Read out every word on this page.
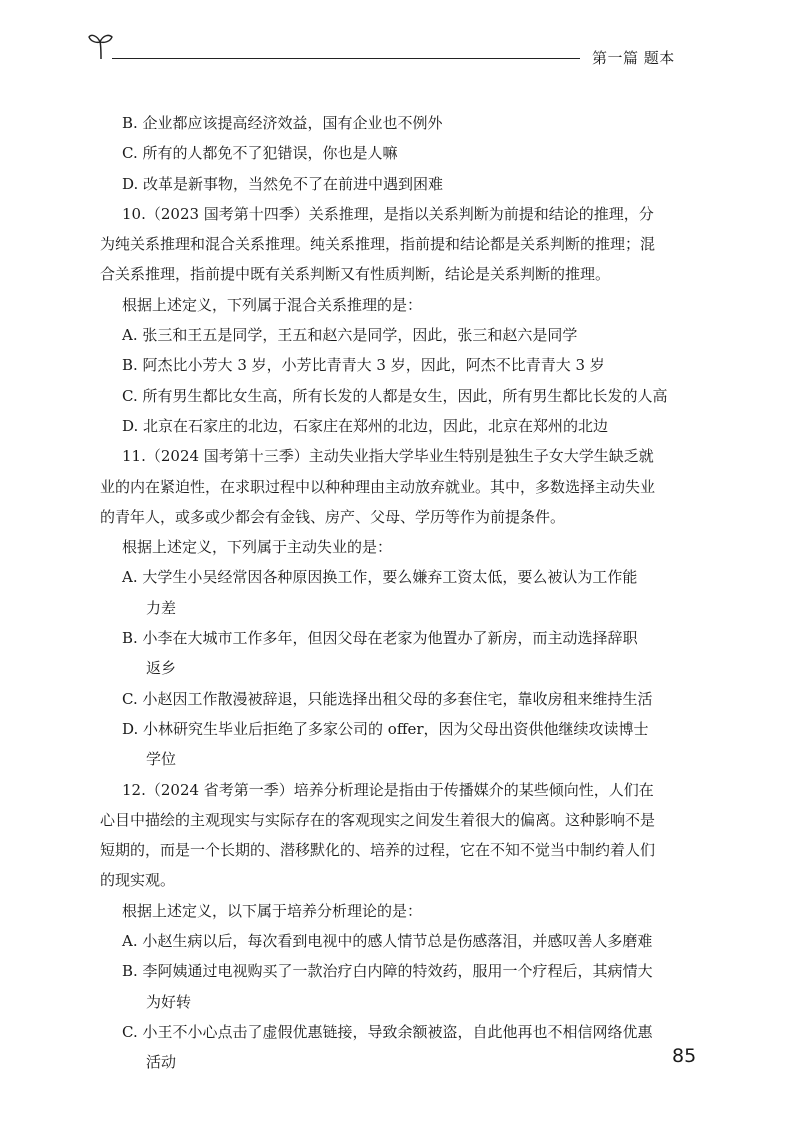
第一篇 题本
B. 企业都应该提高经济效益，国有企业也不例外
C. 所有的人都免不了犯错误，你也是人嘛
D. 改革是新事物，当然免不了在前进中遇到困难
10.（2023 国考第十四季）关系推理，是指以关系判断为前提和结论的推理，分
为纯关系推理和混合关系推理。纯关系推理，指前提和结论都是关系判断的推理；混
合关系推理，指前提中既有关系判断又有性质判断，结论是关系判断的推理。
根据上述定义，下列属于混合关系推理的是：
A. 张三和王五是同学，王五和赵六是同学，因此，张三和赵六是同学
B. 阿杰比小芳大 3 岁，小芳比青青大 3 岁，因此，阿杰不比青青大 3 岁
C. 所有男生都比女生高，所有长发的人都是女生，因此，所有男生都比长发的人高
D. 北京在石家庄的北边，石家庄在郑州的北边，因此，北京在郑州的北边
11.（2024 国考第十三季）主动失业指大学毕业生特别是独生子女大学生缺乏就
业的内在紧迫性，在求职过程中以种种理由主动放弃就业。其中，多数选择主动失业
的青年人，或多或少都会有金钱、房产、父母、学历等作为前提条件。
根据上述定义，下列属于主动失业的是：
A. 大学生小吴经常因各种原因换工作，要么嫌弃工资太低，要么被认为工作能
力差
B. 小李在大城市工作多年，但因父母在老家为他置办了新房，而主动选择辞职
返乡
C. 小赵因工作散漫被辞退，只能选择出租父母的多套住宅，靠收房租来维持生活
D. 小林研究生毕业后拒绝了多家公司的 offer，因为父母出资供他继续攻读博士
学位
12.（2024 省考第一季）培养分析理论是指由于传播媒介的某些倾向性，人们在
心目中描绘的主观现实与实际存在的客观现实之间发生着很大的偏离。这种影响不是
短期的，而是一个长期的、潜移默化的、培养的过程，它在不知不觉当中制约着人们
的现实观。
根据上述定义，以下属于培养分析理论的是：
A. 小赵生病以后，每次看到电视中的感人情节总是伤感落泪，并感叹善人多磨难
B. 李阿姨通过电视购买了一款治疗白内障的特效药，服用一个疗程后，其病情大
为好转
C. 小王不小心点击了虚假优惠链接，导致余额被盗，自此他再也不相信网络优惠
活动	85
